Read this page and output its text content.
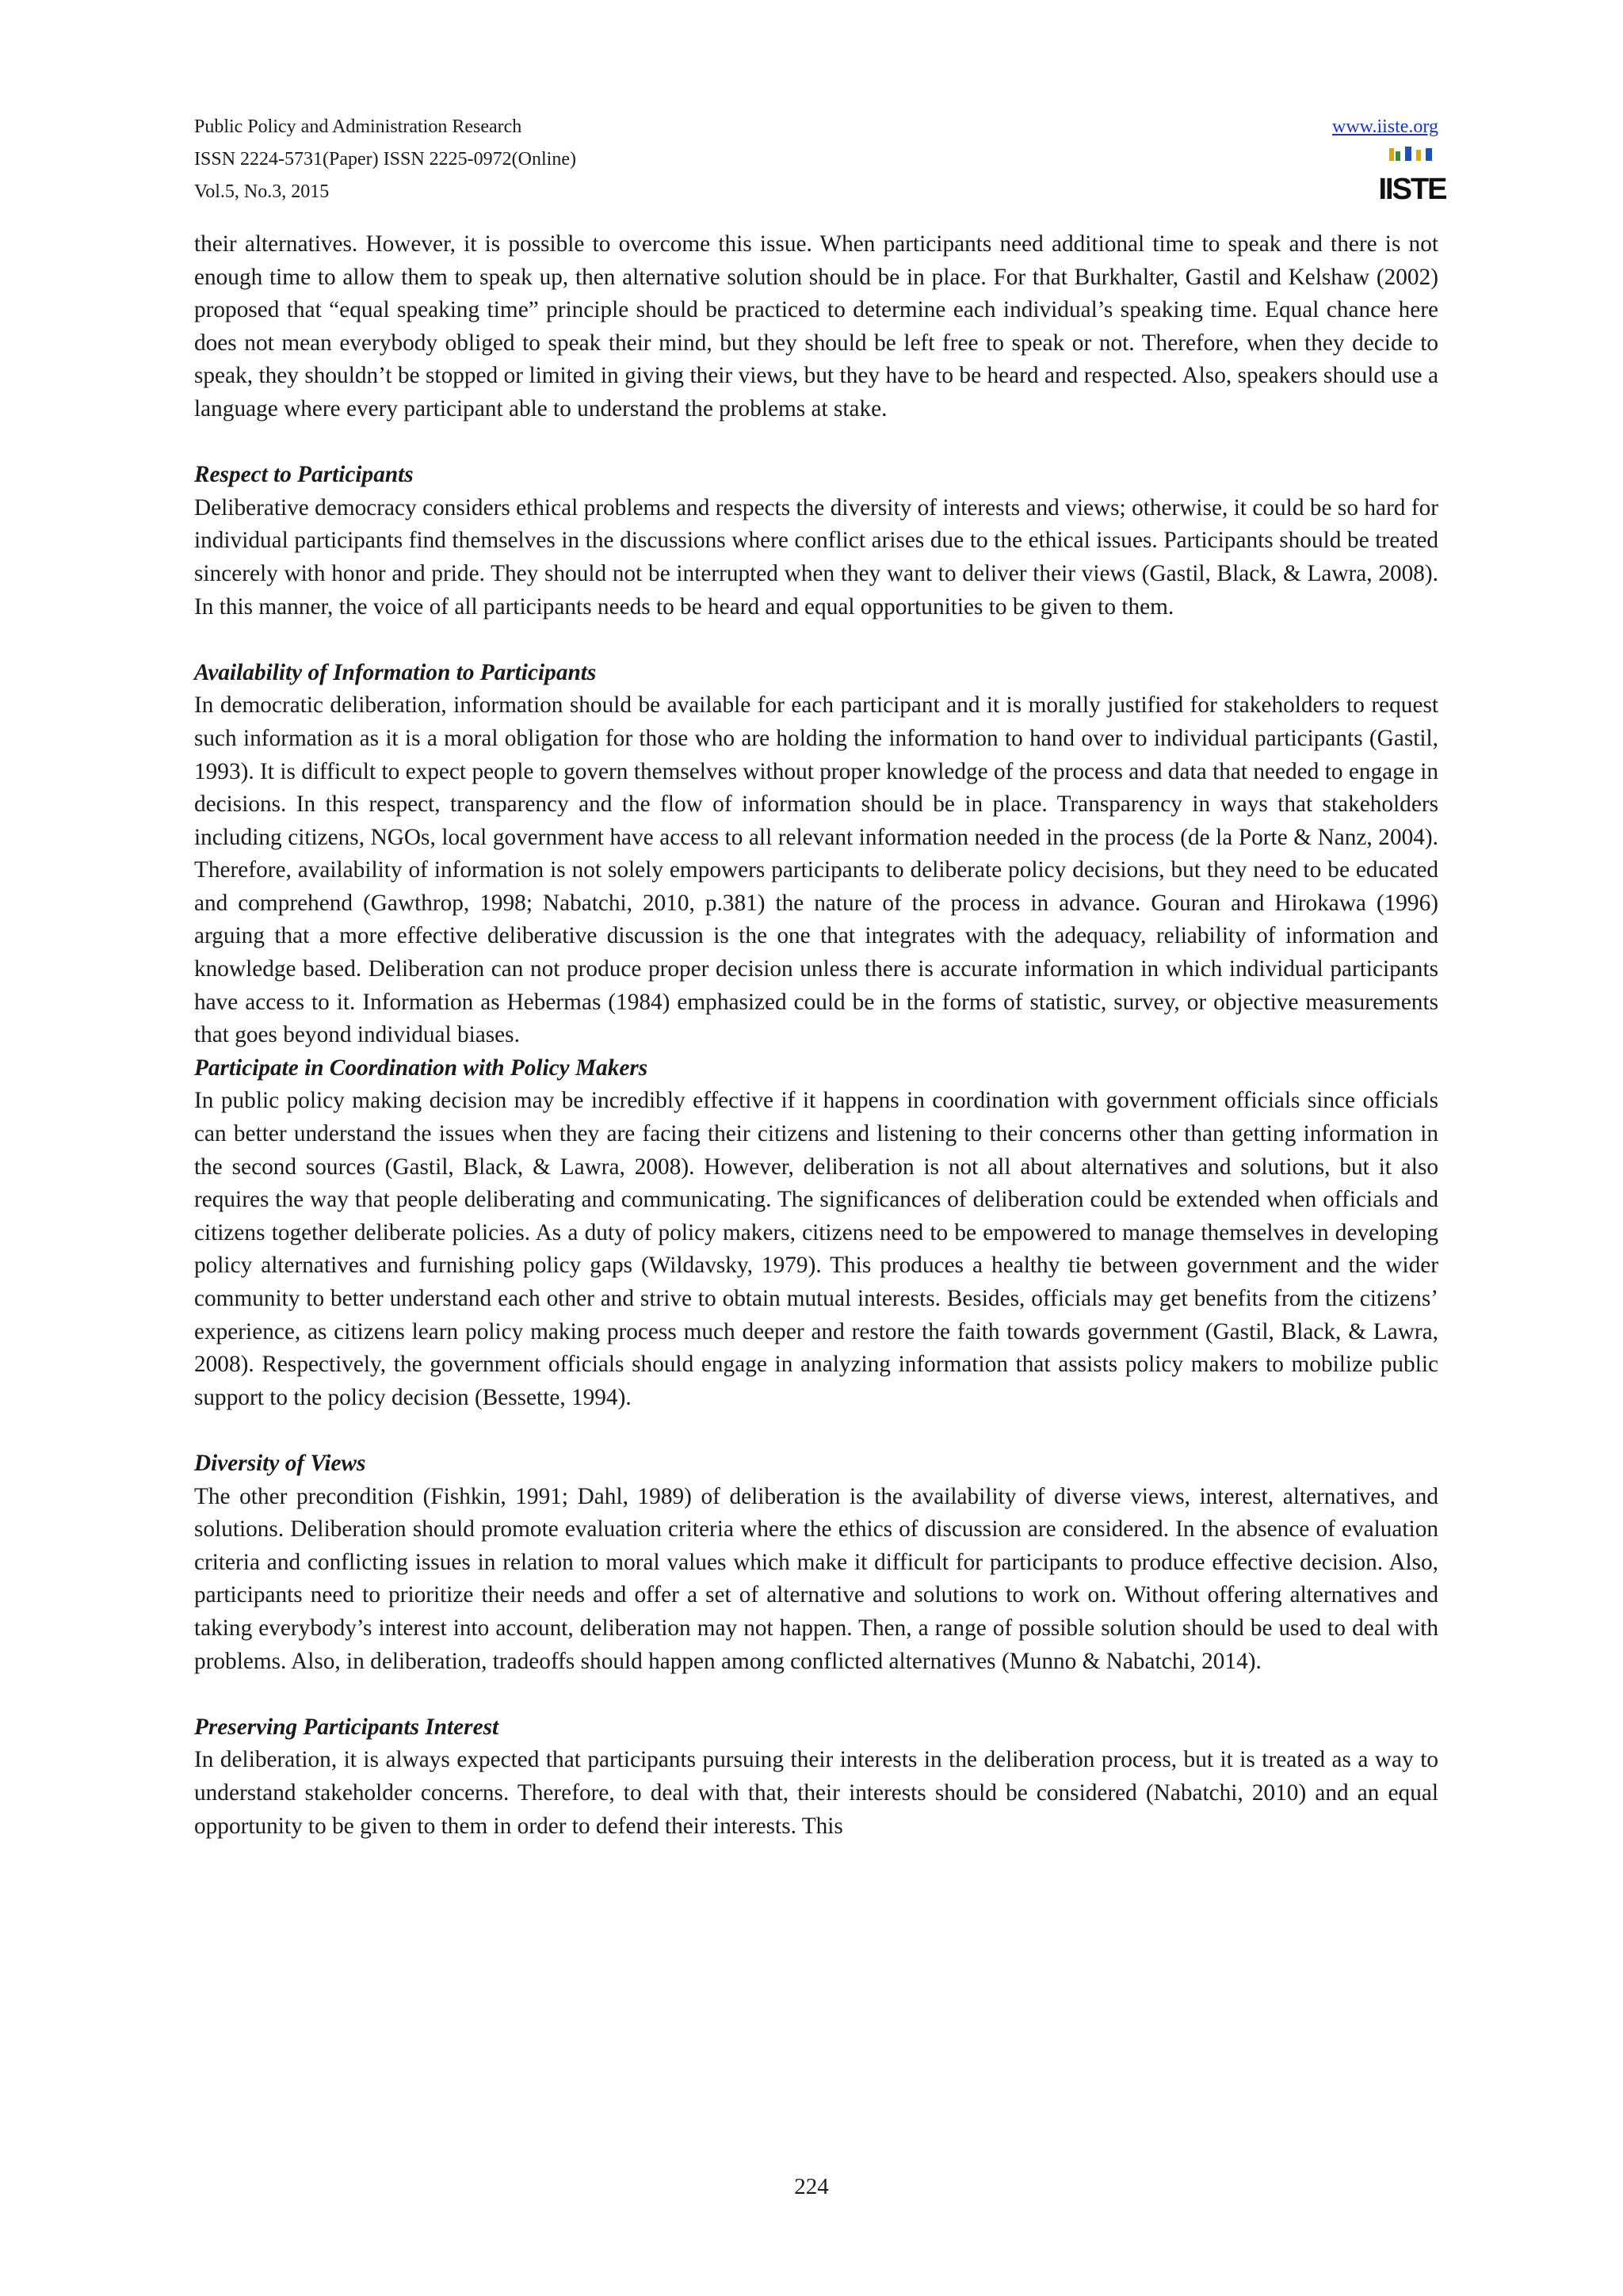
Public Policy and Administration Research
ISSN 2224-5731(Paper) ISSN 2225-0972(Online)
Vol.5, No.3, 2015
www.iiste.org
IISTE

their alternatives. However, it is possible to overcome this issue. When participants need additional time to speak and there is not enough time to allow them to speak up, then alternative solution should be in place. For that Burkhalter, Gastil and Kelshaw (2002) proposed that “equal speaking time” principle should be practiced to determine each individual’s speaking time. Equal chance here does not mean everybody obliged to speak their mind, but they should be left free to speak or not. Therefore, when they decide to speak, they shouldn’t be stopped or limited in giving their views, but they have to be heard and respected. Also, speakers should use a language where every participant able to understand the problems at stake.

Respect to Participants

Deliberative democracy considers ethical problems and respects the diversity of interests and views; otherwise, it could be so hard for individual participants find themselves in the discussions where conflict arises due to the ethical issues. Participants should be treated sincerely with honor and pride. They should not be interrupted when they want to deliver their views (Gastil, Black, & Lawra, 2008). In this manner, the voice of all participants needs to be heard and equal opportunities to be given to them.

Availability of Information to Participants

In democratic deliberation, information should be available for each participant and it is morally justified for stakeholders to request such information as it is a moral obligation for those who are holding the information to hand over to individual participants (Gastil, 1993). It is difficult to expect people to govern themselves without proper knowledge of the process and data that needed to engage in decisions. In this respect, transparency and the flow of information should be in place. Transparency in ways that stakeholders including citizens, NGOs, local government have access to all relevant information needed in the process (de la Porte & Nanz, 2004). Therefore, availability of information is not solely empowers participants to deliberate policy decisions, but they need to be educated and comprehend (Gawthrop, 1998; Nabatchi, 2010, p.381) the nature of the process in advance. Gouran and Hirokawa (1996) arguing that a more effective deliberative discussion is the one that integrates with the adequacy, reliability of information and knowledge based. Deliberation can not produce proper decision unless there is accurate information in which individual participants have access to it. Information as Hebermas (1984) emphasized could be in the forms of statistic, survey, or objective measurements that goes beyond individual biases.

Participate in Coordination with Policy Makers

In public policy making decision may be incredibly effective if it happens in coordination with government officials since officials can better understand the issues when they are facing their citizens and listening to their concerns other than getting information in the second sources (Gastil, Black, & Lawra, 2008). However, deliberation is not all about alternatives and solutions, but it also requires the way that people deliberating and communicating. The significances of deliberation could be extended when officials and citizens together deliberate policies. As a duty of policy makers, citizens need to be empowered to manage themselves in developing policy alternatives and furnishing policy gaps (Wildavsky, 1979). This produces a healthy tie between government and the wider community to better understand each other and strive to obtain mutual interests. Besides, officials may get benefits from the citizens’ experience, as citizens learn policy making process much deeper and restore the faith towards government (Gastil, Black, & Lawra, 2008). Respectively, the government officials should engage in analyzing information that assists policy makers to mobilize public support to the policy decision (Bessette, 1994).

Diversity of Views

The other precondition (Fishkin, 1991; Dahl, 1989) of deliberation is the availability of diverse views, interest, alternatives, and solutions. Deliberation should promote evaluation criteria where the ethics of discussion are considered. In the absence of evaluation criteria and conflicting issues in relation to moral values which make it difficult for participants to produce effective decision. Also, participants need to prioritize their needs and offer a set of alternative and solutions to work on. Without offering alternatives and taking everybody’s interest into account, deliberation may not happen. Then, a range of possible solution should be used to deal with problems. Also, in deliberation, tradeoffs should happen among conflicted alternatives (Munno & Nabatchi, 2014).

Preserving Participants Interest

In deliberation, it is always expected that participants pursuing their interests in the deliberation process, but it is treated as a way to understand stakeholder concerns. Therefore, to deal with that, their interests should be considered (Nabatchi, 2010) and an equal opportunity to be given to them in order to defend their interests. This

224
